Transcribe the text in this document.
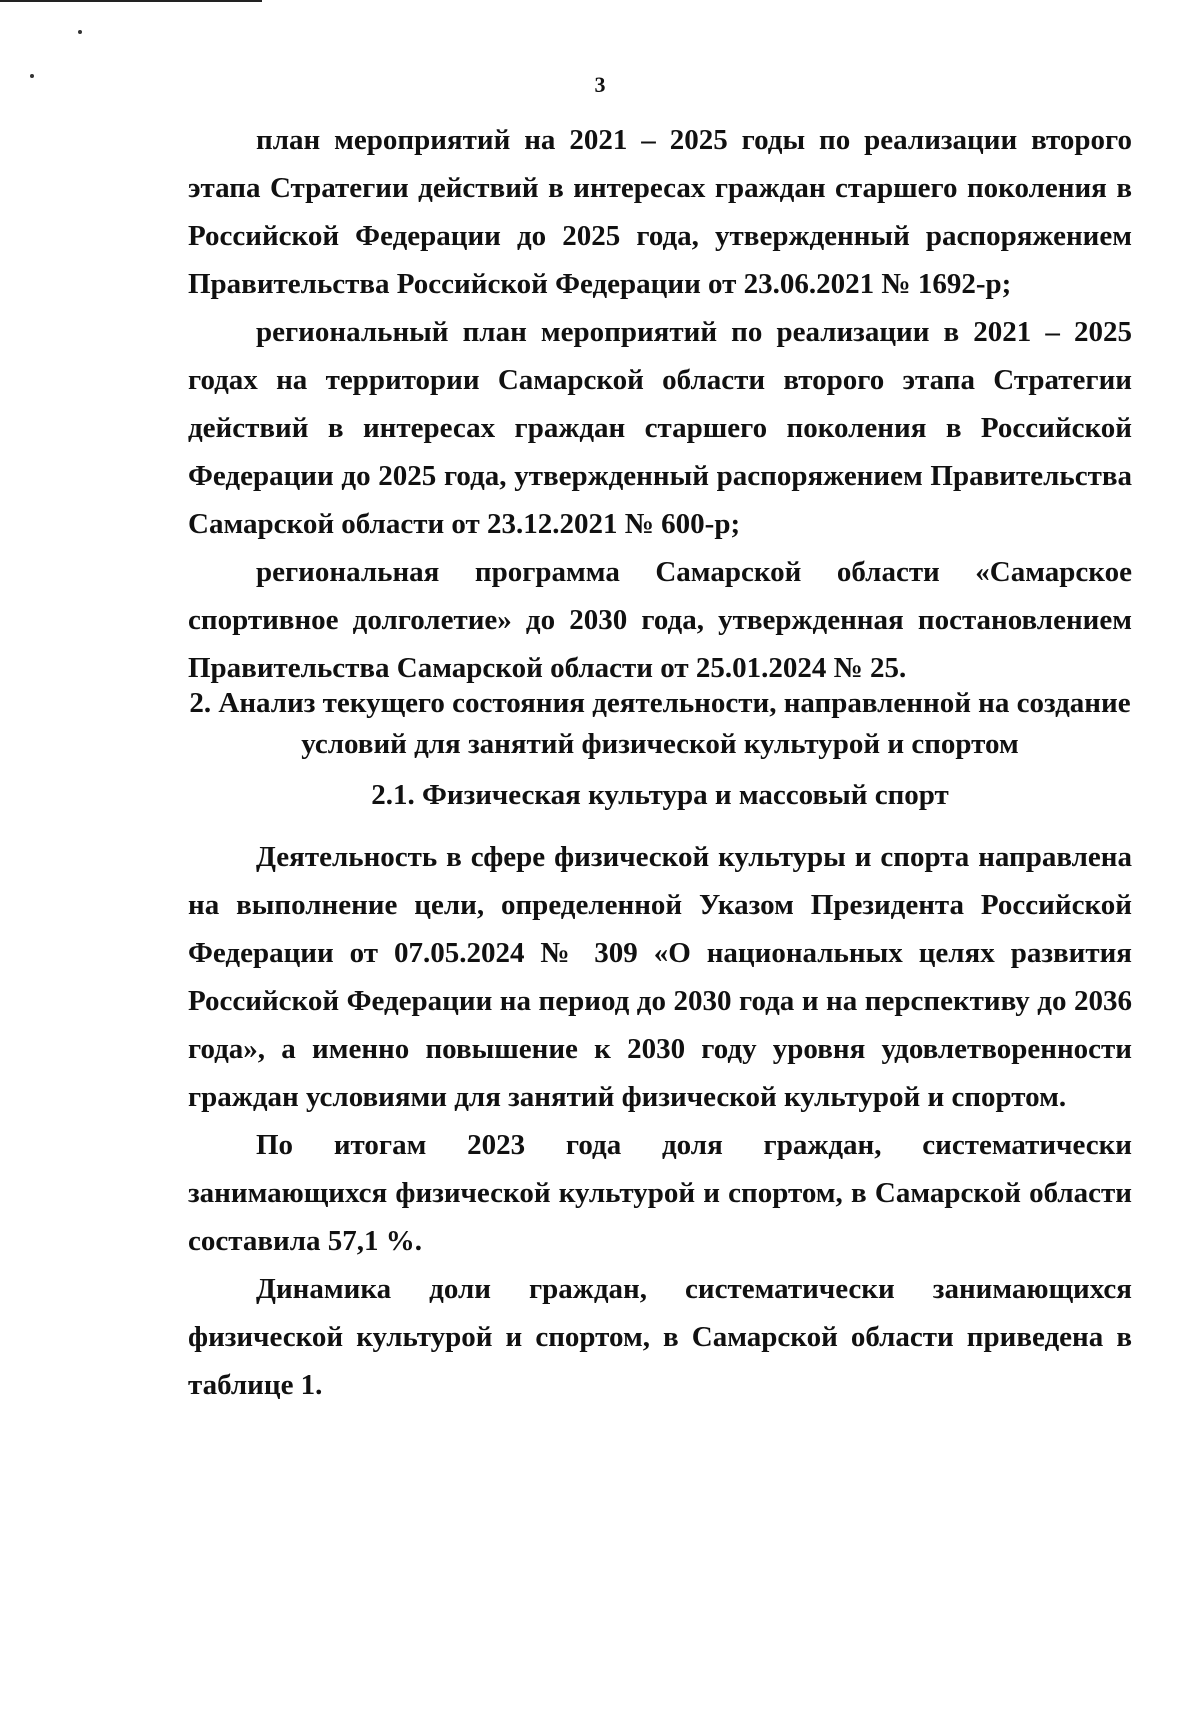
3

план мероприятий на 2021 – 2025 годы по реализации второго этапа Стратегии действий в интересах граждан старшего поколения в Российской Федерации до 2025 года, утвержденный распоряжением Правительства Российской Федерации от 23.06.2021 № 1692-р;

региональный план мероприятий по реализации в 2021 – 2025 годах на территории Самарской области второго этапа Стратегии действий в интересах граждан старшего поколения в Российской Федерации до 2025 года, утвержденный распоряжением Правительства Самарской области от 23.12.2021 № 600-р;

региональная программа Самарской области «Самарское спортивное долголетие» до 2030 года, утвержденная постановлением Правительства Самарской области от 25.01.2024 № 25.

2. Анализ текущего состояния деятельности, направленной на создание
условий для занятий физической культурой и спортом
2.1. Физическая культура и массовый спорт

Деятельность в сфере физической культуры и спорта направлена на выполнение цели, определенной Указом Президента Российской Федерации от 07.05.2024 № 309 «О национальных целях развития Российской Федерации на период до 2030 года и на перспективу до 2036 года», а именно повышение к 2030 году уровня удовлетворенности граждан условиями для занятий физической культурой и спортом.

По итогам 2023 года доля граждан, систематически занимающихся физической культурой и спортом, в Самарской области составила 57,1 %.

Динамика доли граждан, систематически занимающихся физической культурой и спортом, в Самарской области приведена в таблице 1.
